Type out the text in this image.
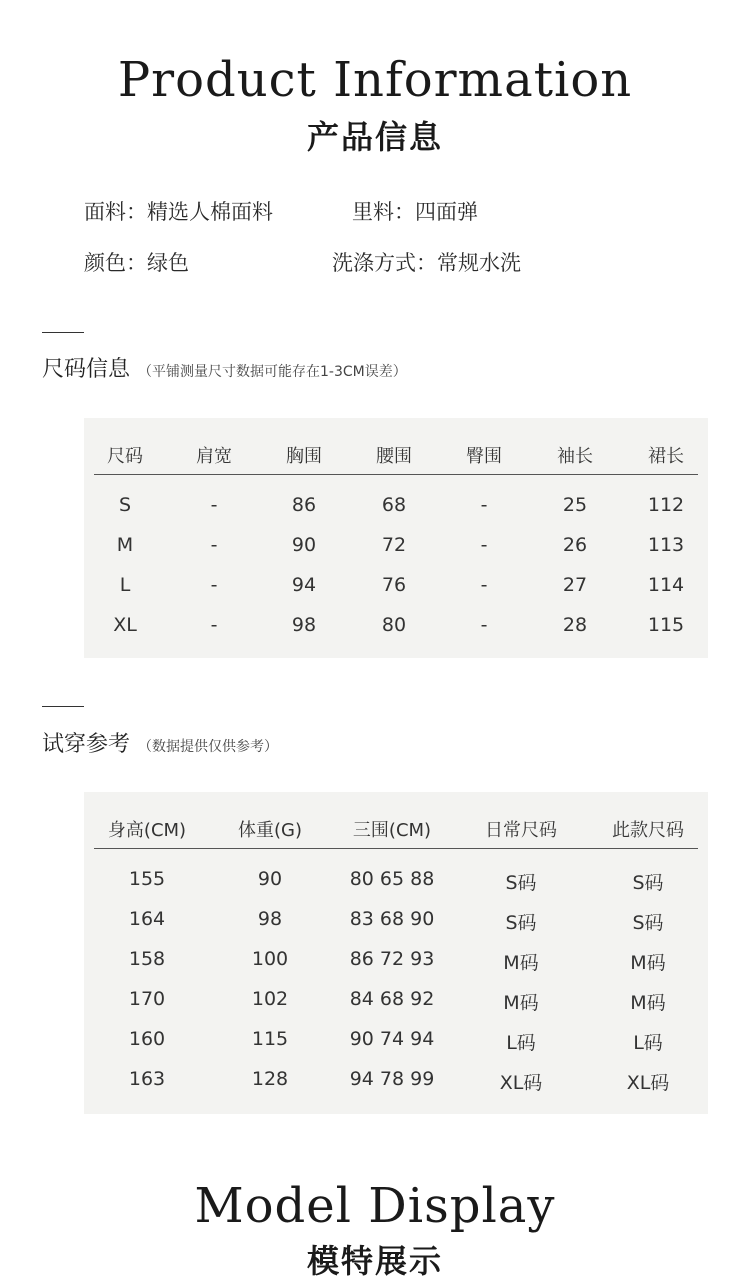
Product Information
产品信息
面料：精选人棉面料	里料：四面弹
颜色：绿色	洗涤方式：常规水洗
尺码信息 （平铺测量尺寸数据可能存在1-3CM误差）
尺码	肩宽	胸围	腰围	臀围	袖长	裙长
S	-	86	68	-	25	112
M	-	90	72	-	26	113
L	-	94	76	-	27	114
XL	-	98	80	-	28	115
试穿参考 （数据提供仅供参考）
身高(CM)	体重(G)	三围(CM)	日常尺码	此款尺码
155	90	80 65 88	S码	S码
164	98	83 68 90	S码	S码
158	100	86 72 93	M码	M码
170	102	84 68 92	M码	M码
160	115	90 74 94	L码	L码
163	128	94 78 99	XL码	XL码
Model Display
模特展示
